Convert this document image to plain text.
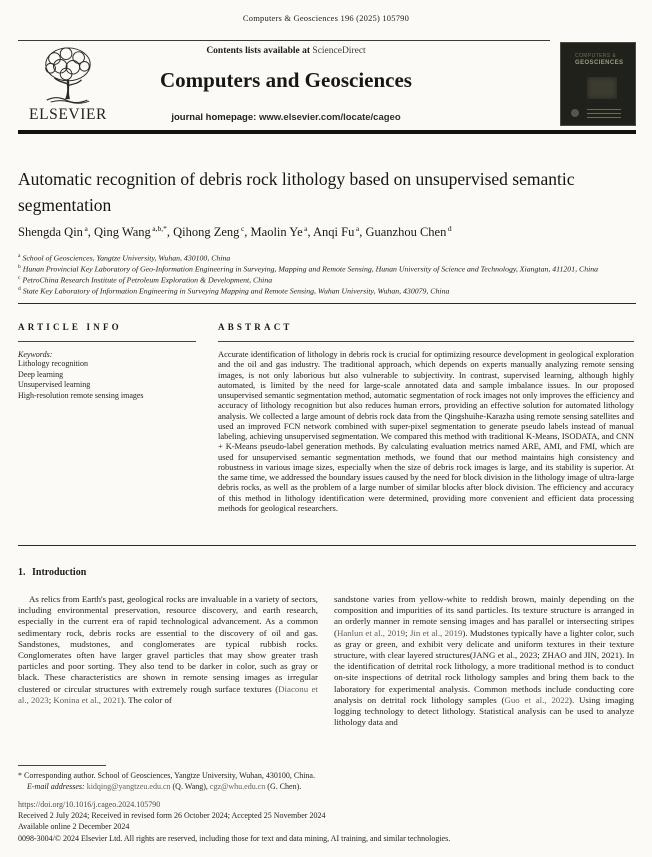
Computers & Geosciences 196 (2025) 105790
ELSEVIER
Contents lists available at ScienceDirect
Computers and Geosciences
journal homepage: www.elsevier.com/locate/cageo
COMPUTERS &
GEOSCIENCES
Automatic recognition of debris rock lithology based on unsupervised semantic segmentation
Shengda Qin $^a$, Qing Wang $^{a,b,*}$, Qihong Zeng $^c$, Maolin Ye $^a$, Anqi Fu $^a$, Guanzhou Chen $^d$
$^a$ School of Geosciences, Yangtze University, Wuhan, 430100, China
$^b$ Hunan Provincial Key Laboratory of Geo-Information Engineering in Surveying, Mapping and Remote Sensing, Hunan University of Science and Technology, Xiangtan, 411201, China
$^c$ PetroChina Research Institute of Petroleum Exploration & Development, China
$^d$ State Key Laboratory of Information Engineering in Surveying Mapping and Remote Sensing, Wuhan University, Wuhan, 430079, China
ARTICLE INFO
Keywords:
Lithology recognition
Deep learning
Unsupervised learning
High-resolution remote sensing images
ABSTRACT

Accurate identification of lithology in debris rock is crucial for optimizing resource development in geological exploration and the oil and gas industry. The traditional approach, which depends on experts manually analyzing remote sensing images, is not only laborious but also vulnerable to subjectivity. In contrast, supervised learning, although highly automated, is limited by the need for large-scale annotated data and sample imbalance issues. In our proposed unsupervised semantic segmentation method, automatic segmentation of rock images not only improves the efficiency and accuracy of lithology recognition but also reduces human errors, providing an effective solution for automated lithology analysis. We collected a large amount of debris rock data from the Qingshuihe-Karazha using remote sensing satellites and used an improved FCN network combined with super-pixel segmentation to generate pseudo labels instead of manual labeling, achieving unsupervised segmentation. We compared this method with traditional K-Means, ISODATA, and CNN + K-Means pseudo-label generation methods. By calculating evaluation metrics named ARE, AMI, and FMI, which are used for unsupervised semantic segmentation methods, we found that our method maintains high consistency and robustness in various image sizes, especially when the size of debris rock images is large, and its stability is superior. At the same time, we addressed the boundary issues caused by the need for block division in the lithology image of ultra-large debris rocks, as well as the problem of a large number of similar blocks after block division. The efficiency and accuracy of this method in lithology identification were determined, providing more convenient and efficient data processing methods for geological researchers.

1. Introduction

As relics from Earth's past, geological rocks are invaluable in a variety of sectors, including environmental preservation, resource discovery, and earth research, especially in the current era of rapid technological advancement. As a common sedimentary rock, debris rocks are essential to the discovery of oil and gas. Sandstones, mudstones, and conglomerates are typical rubbish rocks. Conglomerates often have larger gravel particles that may show greater trash particles and poor sorting. They also tend to be darker in color, such as gray or black. These characteristics are shown in remote sensing images as irregular clustered or circular structures with extremely rough surface textures (Diaconu et al., 2023; Konina et al., 2021). The color of

sandstone varies from yellow-white to reddish brown, mainly depending on the composition and impurities of its sand particles. Its texture structure is arranged in an orderly manner in remote sensing images and has parallel or intersecting stripes (Hanlun et al., 2019; Jin et al., 2019). Mudstones typically have a lighter color, such as gray or green, and exhibit very delicate and uniform textures in their texture structure, with clear layered structures(JANG et al., 2023; ZHAO and JIN, 2021). In the identification of detrital rock lithology, a more traditional method is to conduct on-site inspections of detrital rock lithology samples and bring them back to the laboratory for experimental analysis. Common methods include conducting core analysis on detrital rock lithology samples (Guo et al., 2022). Using imaging logging technology to detect lithology. Statistical analysis can be used to analyze lithology data and

* Corresponding author. School of Geosciences, Yangtze University, Wuhan, 430100, China.
E-mail addresses: kidqing@yangtzeu.edu.cn (Q. Wang), cgz@whu.edu.cn (G. Chen).
https://doi.org/10.1016/j.cageo.2024.105790
Received 2 July 2024; Received in revised form 26 October 2024; Accepted 25 November 2024
Available online 2 December 2024
0098-3004/© 2024 Elsevier Ltd. All rights are reserved, including those for text and data mining, AI training, and similar technologies.
